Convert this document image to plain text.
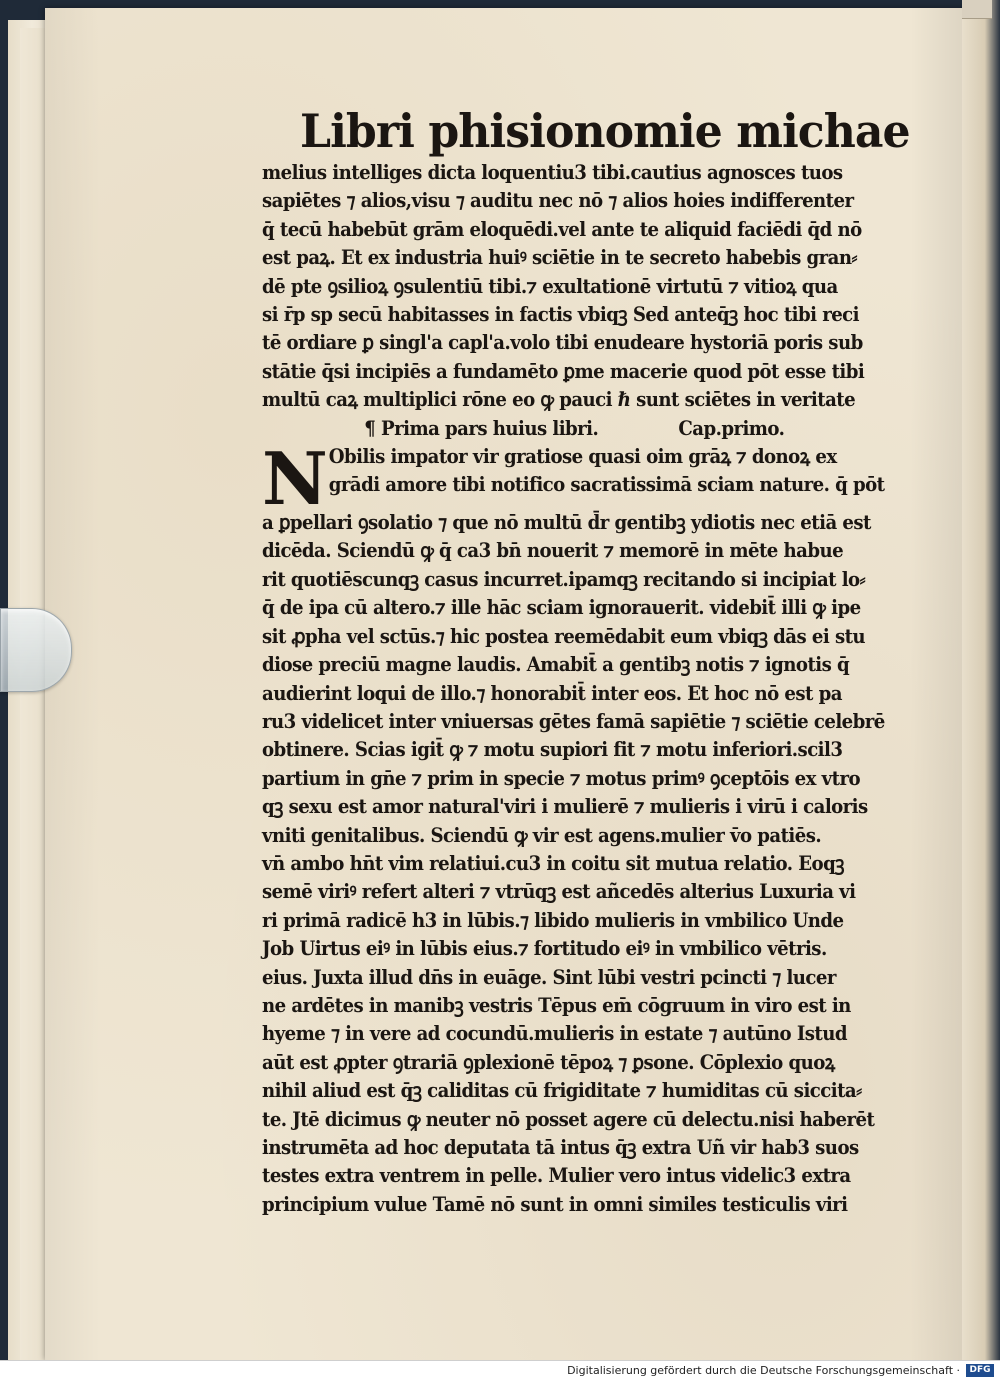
Libri phisionomie michae
melius intelliges dicta loquentiu3 tibi.cautius agnosces tuos
sapiētes ⁊ alios,visu ⁊ auditu nec nō ⁊ alios hoies indifferenter
q̄ tecū habebūt grām eloquēdi.vel ante te aliquid faciēdi q̄d nō
est paꝝ. Et ex industria huiꝰ sciētie in te secreto habebis gran⸗
dē pte ꝯsilioꝝ ꝯsulentiū tibi.⁊ exultationē virtutū ⁊ vitioꝝ qua
si r̄p sp secū habitasses in factis vbiqꝫ Sed anteq̄ꝫ hoc tibi reci
tē ordiare ꝑ singl'a capl'a.volo tibi enudeare hystoriā poris sub
stātie q̄si incipiēs a fundamēto ꝑme macerie quod pōt esse tibi
multū caꝝ multiplici rōne eo ꝙ pauci ℏ sunt sciētes in veritate
¶ Prima pars huius libri.	Cap.primo.
N Obilis impator vir gratiose quasi oim grāꝝ ⁊ donoꝝ ex
grādi amore tibi notifico sacratissimā sciam nature. q̄ pōt
a ꝑpellari ꝯsolatio ⁊ que nō multū d̄r gentibꝫ ydiotis nec etiā est
dicēda. Sciendū ꝙ q̄ ca3 bn̄ nouerit ⁊ memorē in mēte habue
rit quotiēscunqꝫ casus incurret.ipamqꝫ recitando si incipiat lo⸗
q̄ de ipa cū altero.⁊ ille hāc sciam ignorauerit. videbit̄ illi ꝙ ipe
sit ꝓpha vel sctūs.⁊ hic postea reemēdabit eum vbiqꝫ dās ei stu
diose preciū magne laudis. Amabit̄ a gentibꝫ notis ⁊ ignotis q̄
audierint loqui de illo.⁊ honorabit̄ inter eos. Et hoc nō est pa
ru3 videlicet inter vniuersas gētes famā sapiētie ⁊ sciētie celebrē
obtinere. Scias igit̄ ꝙ ⁊ motu supiori fit ⁊ motu inferiori.scil3
partium in gn̄e ⁊ prim in specie ⁊ motus primꝰ ꝯceptōis ex vtro
qꝫ sexu est amor natural'viri i mulierē ⁊ mulieris i virū i caloris
vniti genitalibus. Sciendū ꝙ vir est agens.mulier v̄o patiēs.
vn̄ ambo hn̄t vim relatiui.cu3 in coitu sit mutua relatio. Eoqꝫ
semē viriꝰ refert alteri ⁊ vtrūqꝫ est añcedēs alterius Luxuria vi
ri primā radicē h3 in lūbis.⁊ libido mulieris in vmbilico Unde
Job Uirtus eiꝰ in lūbis eius.⁊ fortitudo eiꝰ in vmbilico vētris.
eius. Juxta illud dn̄s in euāge. Sint lūbi vestri pcincti ⁊ lucer
ne ardētes in manibꝫ vestris Tēpus em̄ cōgruum in viro est in
hyeme ⁊ in vere ad cocundū.mulieris in estate ⁊ autūno Istud
aūt est ꝓpter ꝯtrariā ꝯplexionē tēpoꝝ ⁊ ꝑsone. Cōplexio quoꝝ
nihil aliud est q̄ꝫ caliditas cū frigiditate ⁊ humiditas cū siccita⸗
te. Jtē dicimus ꝙ neuter nō posset agere cū delectu.nisi haberēt
instrumēta ad hoc deputata tā intus q̄ꝫ extra Uñ vir hab3 suos
testes extra ventrem in pelle. Mulier vero intus videlic3 extra
principium vulue Tamē nō sunt in omni similes testiculis viri
Digitalisierung gefördert durch die Deutsche Forschungsgemeinschaft ·	DFG
